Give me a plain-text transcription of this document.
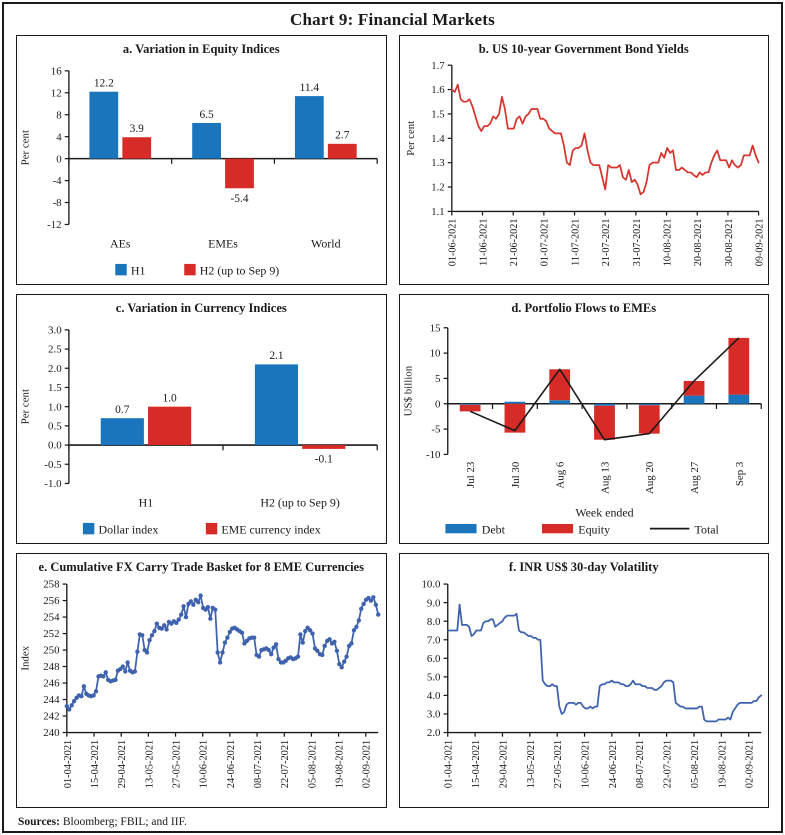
Chart 9: Financial Markets
a. Variation in Equity Indices
16
12
8
4
0
-4
-8
-12
Per cent
12.2
3.9
AEs
6.5
-5.4
EMEs
11.4
2.7
World
H1	H2 (up to Sep 9)
b. US 10-year Government Bond Yields
1.7
1.6
1.5
1.4
1.3
1.2
1.1
Per cent
01-06-2021 11-06-2021 21-06-2021 01-07-2021 11-07-2021 21-07-2021 31-07-2021 10-08-2021 20-08-2021 30-08-2021 09-09-2021
c. Variation in Currency Indices
3.0
2.5
2.0
1.5
1.0
0.5
0.0
-0.5
-1.0
Per cent	0.7
1.0
H1
2.1
-0.1
H2 (up to Sep 9)
Dollar index	EME currency index
d. Portfolio Flows to EMEs
15
10
5
0
-5
-10
US$ billion
Jul 23	Jul 30	Aug 6	Aug 13	Aug 20	Aug 27	Sep 3
Week ended
Debt	Equity	Total
e. Cumulative FX Carry Trade Basket for 8 EME Currencies
258
256
254
252
250
248
246
244
242
240
Index
01-04-2021 15-04-2021 29-04-2021 13-05-2021 27-05-2021 10-06-2021 24-06-2021 08-07-2021 22-07-2021 05-08-2021 19-08-2021 02-09-2021
f. INR US$ 30-day Volatility
10.0
9.0
8.0
7.0
6.0
5.0
4.0
3.0
2.0
01-04-2021 15-04-2021 29-04-2021 13-05-2021 27-05-2021 10-06-2021 24-06-2021 08-07-2021 22-07-2021 05-08-2021 19-08-2021 02-09-2021

Sources: Bloomberg; FBIL; and IIF.
